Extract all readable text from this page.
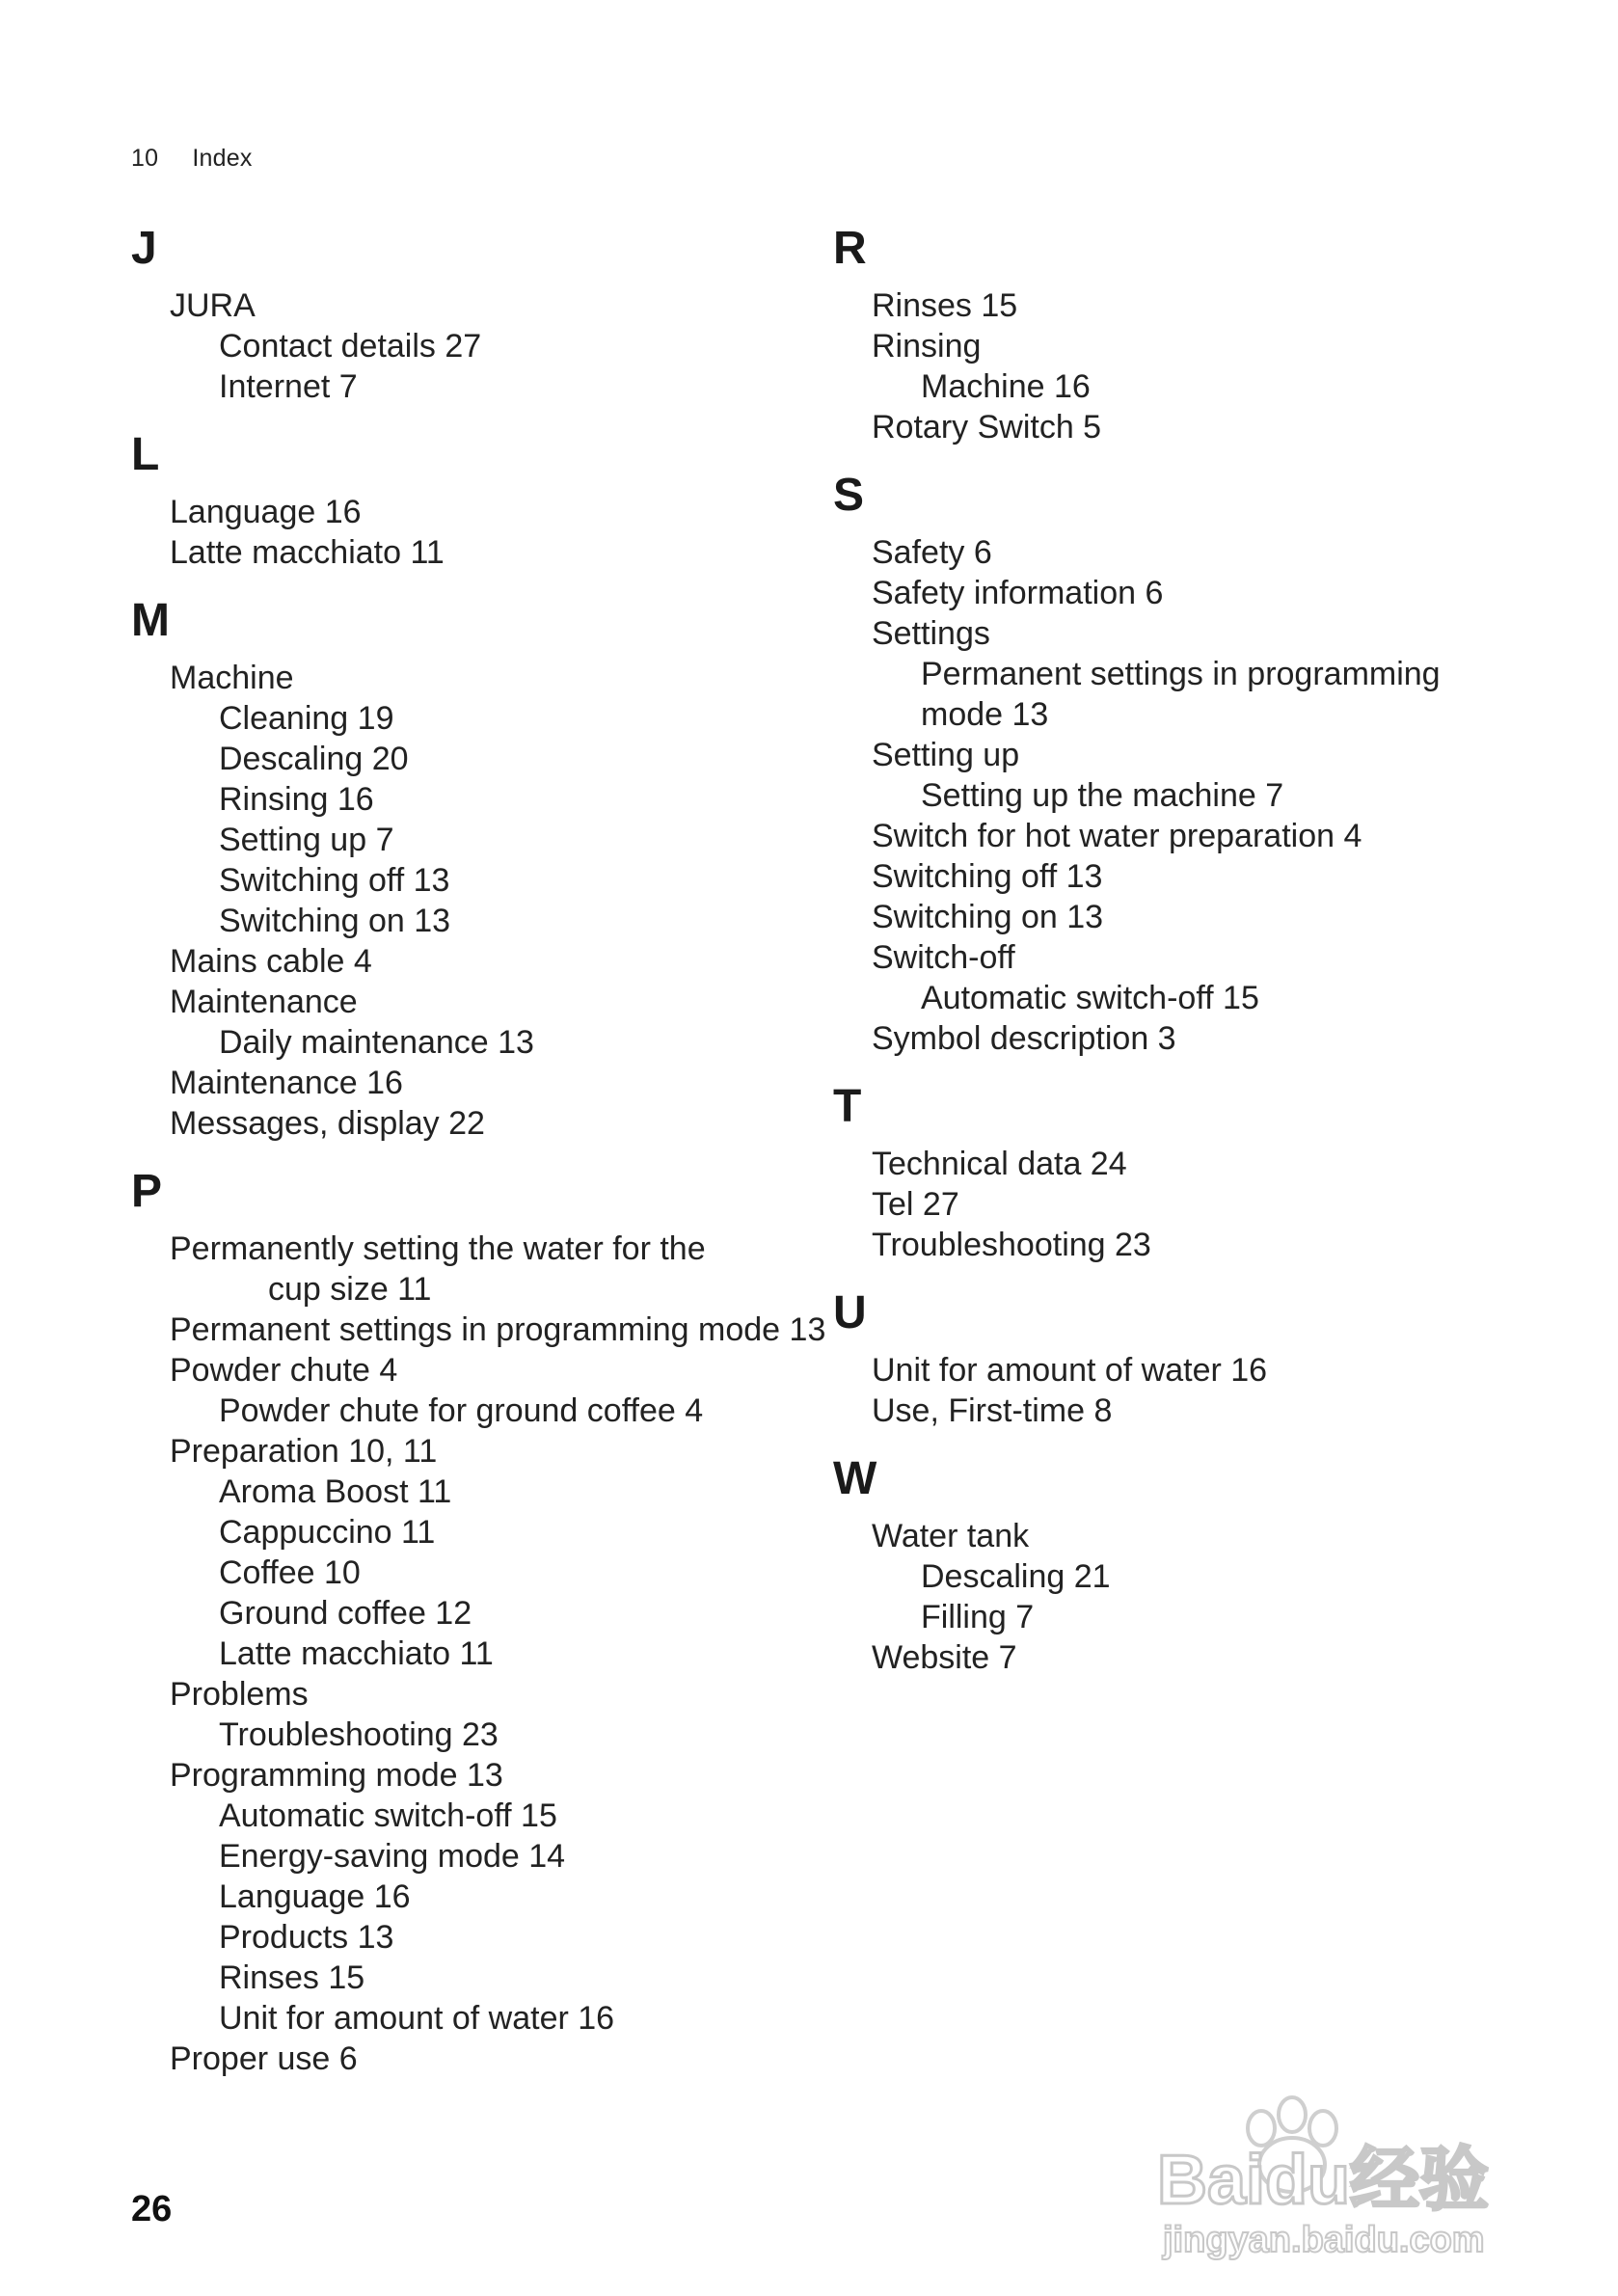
10 Index
J
JURA
Contact details 27
Internet 7
L
Language 16
Latte macchiato 11
M
Machine
Cleaning 19
Descaling 20
Rinsing 16
Setting up 7
Switching off 13
Switching on 13
Mains cable 4
Maintenance
Daily maintenance 13
Maintenance 16
Messages, display 22
P
Permanently setting the water for the
cup size 11
Permanent settings in programming mode 13
Powder chute 4
Powder chute for ground coffee 4
Preparation 10, 11
Aroma Boost 11
Cappuccino 11
Coffee 10
Ground coffee 12
Latte macchiato 11
Problems
Troubleshooting 23
Programming mode 13
Automatic switch-off 15
Energy-saving mode 14
Language 16
Products 13
Rinses 15
Unit for amount of water 16
Proper use 6
R
Rinses 15
Rinsing
Machine 16
Rotary Switch 5
S
Safety 6
Safety information 6
Settings
Permanent settings in programming
mode 13
Setting up
Setting up the machine 7
Switch for hot water preparation 4
Switching off 13
Switching on 13
Switch-off
Automatic switch-off 15
Symbol description 3
T
Technical data 24
Tel 27
Troubleshooting 23
U
Unit for amount of water 16
Use, First-time 8
W
Water tank
Descaling 21
Filling 7
Website 7
26	Baidu经验
jingyan.baidu.com
